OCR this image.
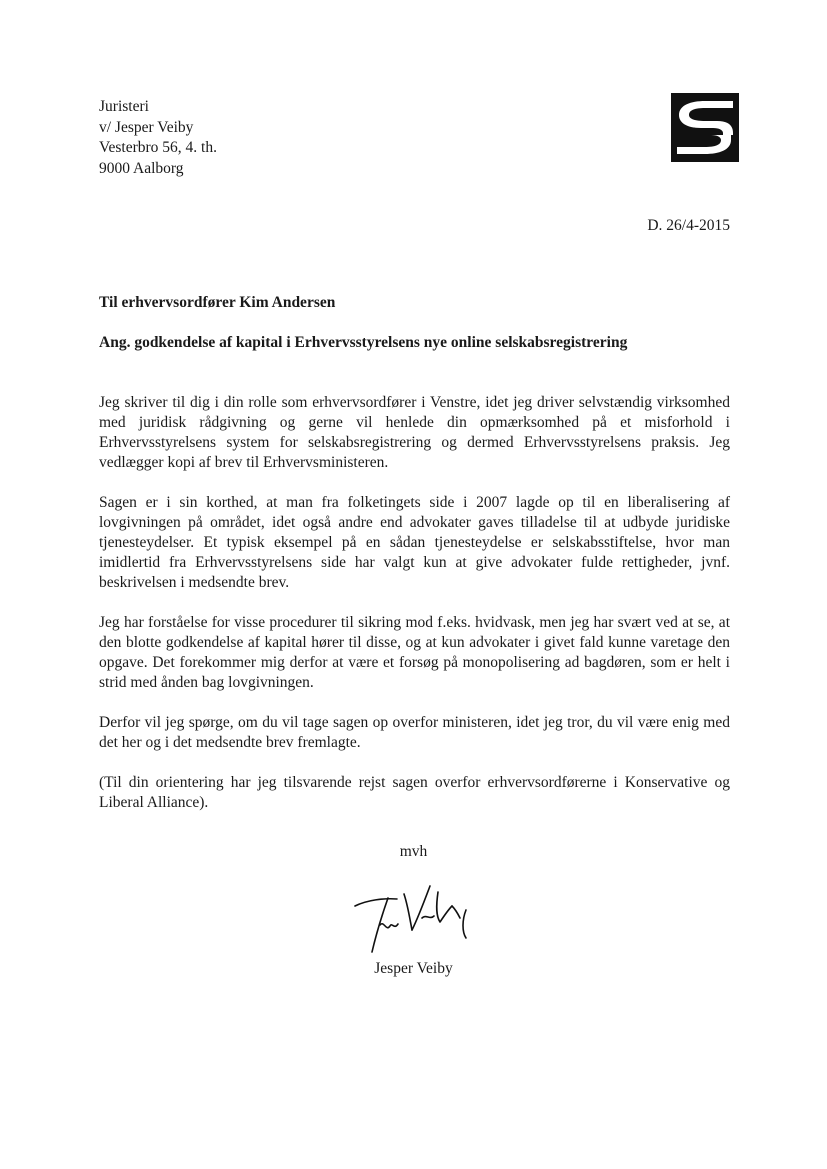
Juristeri
v/ Jesper Veiby
Vesterbro 56, 4. th.
9000 Aalborg
D. 26/4-2015
Til erhvervsordfører Kim Andersen
Ang. godkendelse af kapital i Erhvervsstyrelsens nye online selskabsregistrering

Jeg skriver til dig i din rolle som erhvervsordfører i Venstre, idet jeg driver selvstændig virksomhed med juridisk rådgivning og gerne vil henlede din opmærksomhed på et misforhold i Erhvervsstyrelsens system for selskabsregistrering og dermed Erhvervsstyrelsens praksis. Jeg vedlægger kopi af brev til Erhvervsministeren.

Sagen er i sin korthed, at man fra folketingets side i 2007 lagde op til en liberalisering af lovgivningen på området, idet også andre end advokater gaves tilladelse til at udbyde juridiske tjenesteydelser. Et typisk eksempel på en sådan tjenesteydelse er selskabsstiftelse, hvor man imidlertid fra Erhvervsstyrelsens side har valgt kun at give advokater fulde rettigheder, jvnf. beskrivelsen i medsendte brev.

Jeg har forståelse for visse procedurer til sikring mod f.eks. hvidvask, men jeg har svært ved at se, at den blotte godkendelse af kapital hører til disse, og at kun advokater i givet fald kunne varetage den opgave. Det forekommer mig derfor at være et forsøg på monopolisering ad bagdøren, som er helt i strid med ånden bag lovgivningen.

Derfor vil jeg spørge, om du vil tage sagen op overfor ministeren, idet jeg tror, du vil være enig med det her og i det medsendte brev fremlagte.

(Til din orientering har jeg tilsvarende rejst sagen overfor erhvervsordførerne i Konservative og Liberal Alliance).

mvh
Jesper Veiby
